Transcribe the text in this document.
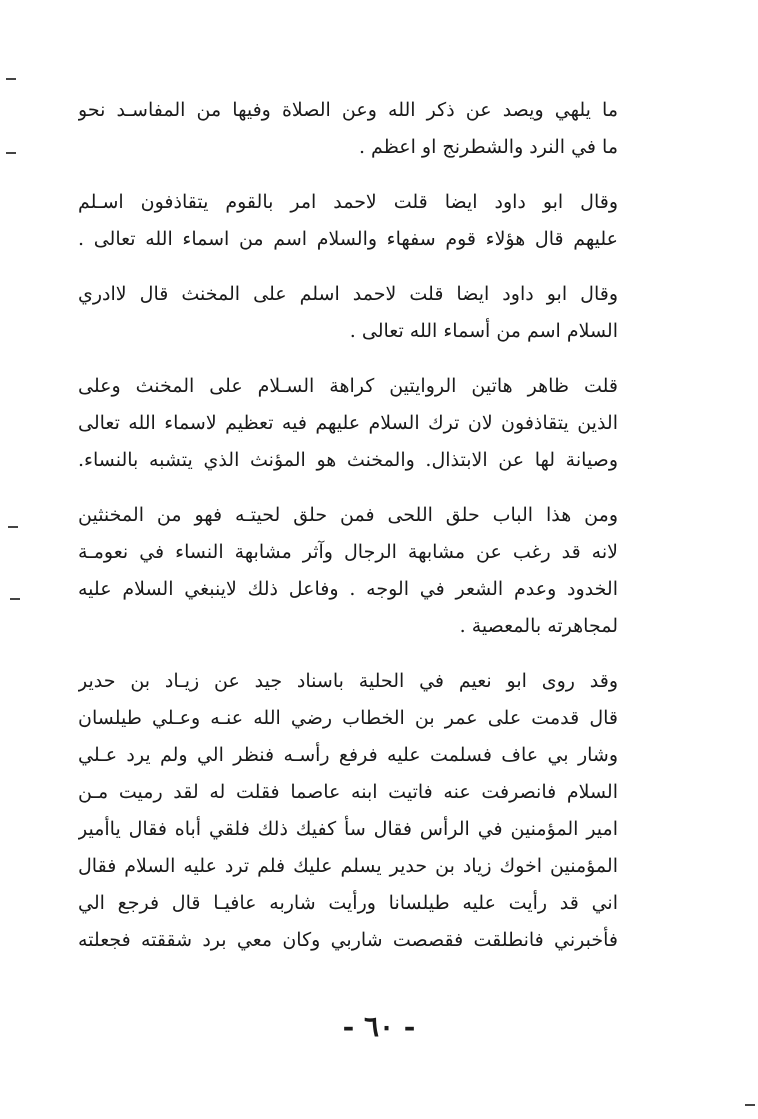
ما يلهي ويصد عن ذكر الله وعن الصلاة وفيها من المفاسـد نحو
ما في النرد والشطرنج او اعظم .
وقال ابو داود ايضا قلت لاحمد امر بالقوم يتقاذفون اسـلم
عليهم قال هؤلاء قوم سفهاء والسلام اسم من اسماء الله تعالى .
وقال ابو داود ايضا قلت لاحمد اسلم على المخنث قال لاادري
السلام اسم من أسماء الله تعالى .
قلت ظاهر هاتين الروايتين كراهة السـلام على المخنث وعلى
الذين يتقاذفون لان ترك السلام عليهم فيه تعظيم لاسماء الله تعالى
وصيانة لها عن الابتذال. والمخنث هو المؤنث الذي يتشبه بالنساء.
ومن هذا الباب حلق اللحى فمن حلق لحيتـه فهو من المخنثين
لانه قد رغب عن مشابهة الرجال وآثر مشابهة النساء في نعومـة
الخدود وعدم الشعر في الوجه . وفاعل ذلك لاينبغي السلام عليه
لمجاهرته بالمعصية .
وقد روى ابو نعيم في الحلية باسناد جيد عن زيـاد بن حدير
قال قدمت على عمر بن الخطاب رضي الله عنـه وعـلي طيلسان
وشار بي عاف فسلمت عليه فرفع رأسـه فنظر الي ولم يرد عـلي
السلام فانصرفت عنه فاتيت ابنه عاصما فقلت له لقد رميت مـن
امير المؤمنين في الرأس فقال سأ كفيك ذلك فلقي أباه فقال ياأمير
المؤمنين اخوك زياد بن حدير يسلم عليك فلم ترد عليه السلام فقال
اني قد رأيت عليه طيلسانا ورأيت شاربه عافيـا قال فرجع الي
فأخبرني فانطلقت فقصصت شاربي وكان معي برد شققته فجعلته
- ٦٠ -
